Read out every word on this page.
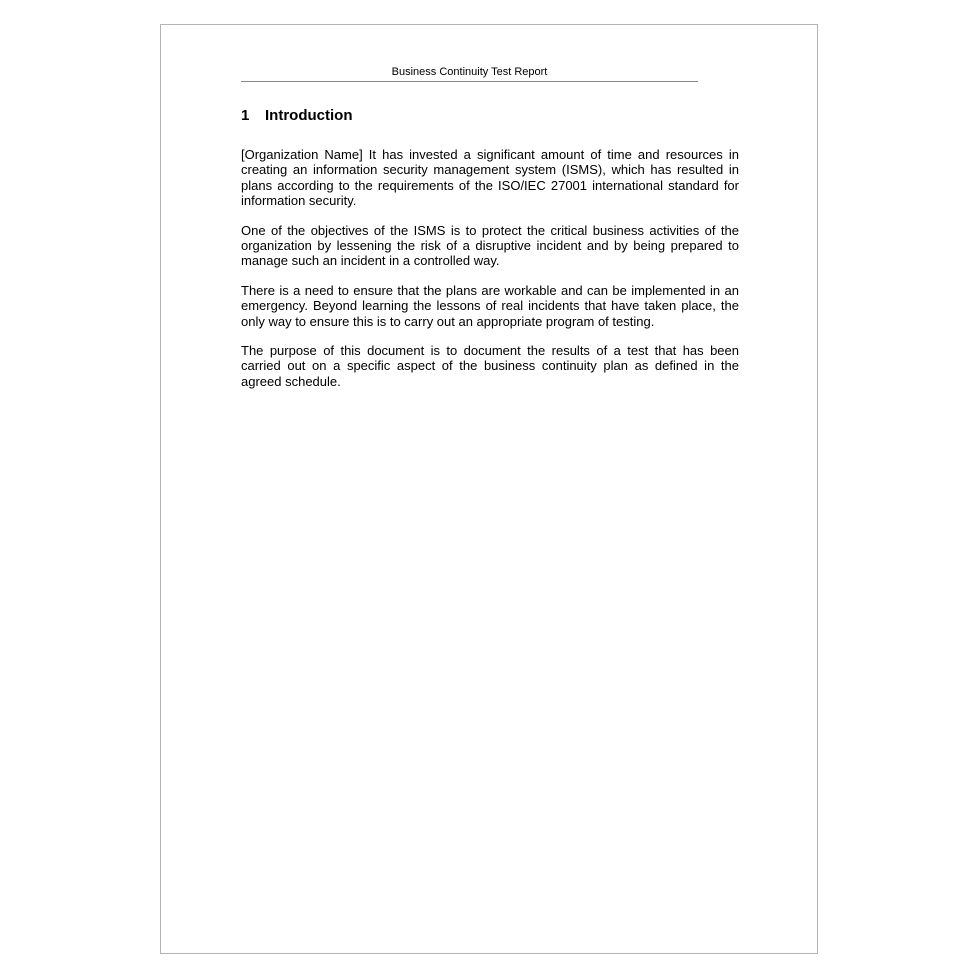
Business Continuity Test Report
1	Introduction

[Organization Name] It has invested a significant amount of time and resources in creating an information security management system (ISMS), which has resulted in plans according to the requirements of the ISO/IEC 27001 international standard for information security.

One of the objectives of the ISMS is to protect the critical business activities of the organization by lessening the risk of a disruptive incident and by being prepared to manage such an incident in a controlled way.

There is a need to ensure that the plans are workable and can be implemented in an emergency. Beyond learning the lessons of real incidents that have taken place, the only way to ensure this is to carry out an appropriate program of testing.

The purpose of this document is to document the results of a test that has been carried out on a specific aspect of the business continuity plan as defined in the agreed schedule.
